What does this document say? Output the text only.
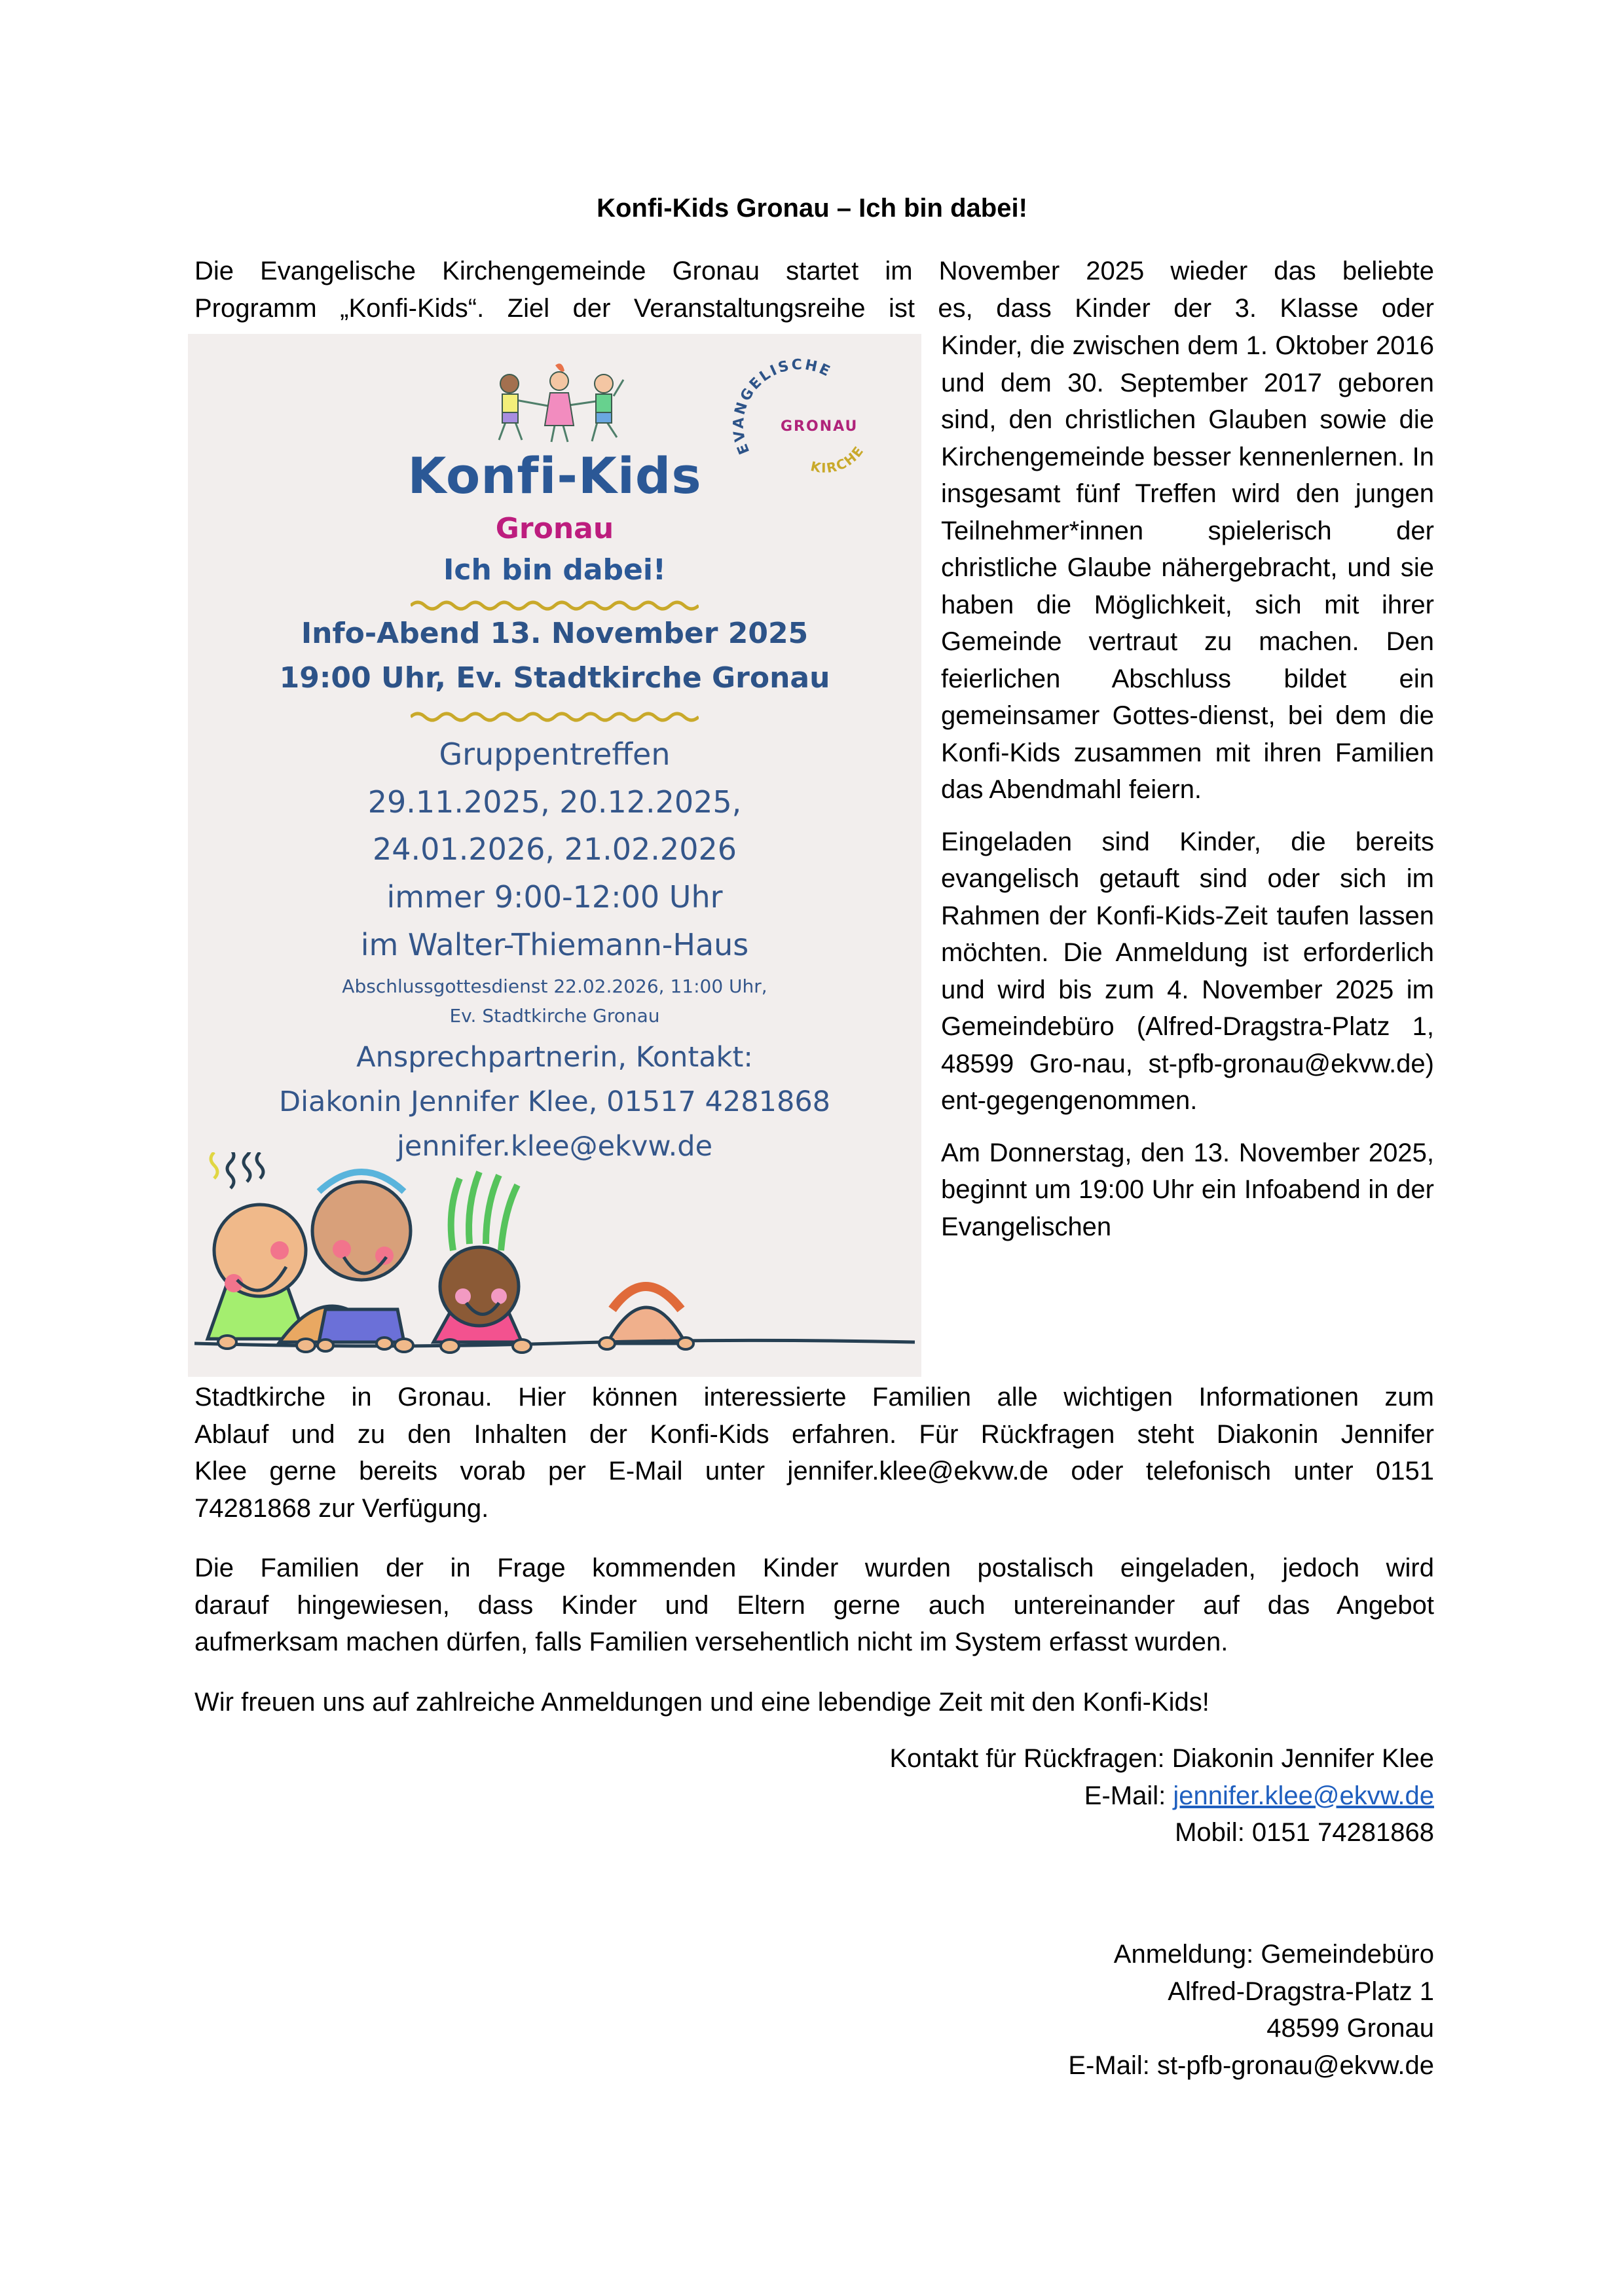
Konfi-Kids Gronau – Ich bin dabei!
Die Evangelische Kirchengemeinde Gronau startet im November 2025 wieder das beliebte
Programm „Konfi-Kids“. Ziel der Veranstaltungsreihe ist es, dass Kinder der 3. Klasse oder
EVANGELISCHE
GRONAU
KIRCHE
Konfi-Kids
Gronau
Ich bin dabei!
Info-Abend 13. November 2025
19:00 Uhr, Ev. Stadtkirche Gronau
Gruppentreffen
29.11.2025, 20.12.2025,
24.01.2026, 21.02.2026
immer 9:00-12:00 Uhr
im Walter-Thiemann-Haus
Abschlussgottesdienst 22.02.2026, 11:00 Uhr,
Ev. Stadtkirche Gronau
Ansprechpartnerin, Kontakt:
Diakonin Jennifer Klee, 01517 4281868
jennifer.klee@ekvw.de

Kinder, die zwischen dem 1. Oktober 2016 und dem 30. September 2017 geboren sind, den christlichen Glauben sowie die Kirchengemeinde besser kennenlernen. In insgesamt fünf Treffen wird den jungen Teilnehmer*innen spielerisch der christliche Glaube nähergebracht, und sie haben die Möglichkeit, sich mit ihrer Gemeinde vertraut zu machen. Den feierlichen Abschluss bildet ein gemeinsamer Gottes-dienst, bei dem die Konfi-Kids zusammen mit ihren Familien das Abendmahl feiern.

Eingeladen sind Kinder, die bereits evangelisch getauft sind oder sich im Rahmen der Konfi-Kids-Zeit taufen lassen möchten. Die Anmeldung ist erforderlich und wird bis zum 4. November 2025 im Gemeindebüro (Alfred-Dragstra-Platz 1, 48599 Gro-nau, st-pfb-gronau@ekvw.de) ent-gegengenommen.

Am Donnerstag, den 13. November 2025, beginnt um 19:00 Uhr ein Infoabend in der Evangelischen

Stadtkirche in Gronau. Hier können interessierte Familien alle wichtigen Informationen zum
Ablauf und zu den Inhalten der Konfi-Kids erfahren. Für Rückfragen steht Diakonin Jennifer
Klee gerne bereits vorab per E-Mail unter jennifer.klee@ekvw.de oder telefonisch unter 0151
74281868 zur Verfügung.
Die Familien der in Frage kommenden Kinder wurden postalisch eingeladen, jedoch wird
darauf hingewiesen, dass Kinder und Eltern gerne auch untereinander auf das Angebot
aufmerksam machen dürfen, falls Familien versehentlich nicht im System erfasst wurden.
Wir freuen uns auf zahlreiche Anmeldungen und eine lebendige Zeit mit den Konfi-Kids!
Kontakt für Rückfragen: Diakonin Jennifer Klee
E-Mail: jennifer.klee@ekvw.de
Mobil: 0151 74281868
Anmeldung: Gemeindebüro
Alfred-Dragstra-Platz 1
48599 Gronau
E-Mail: st-pfb-gronau@ekvw.de
